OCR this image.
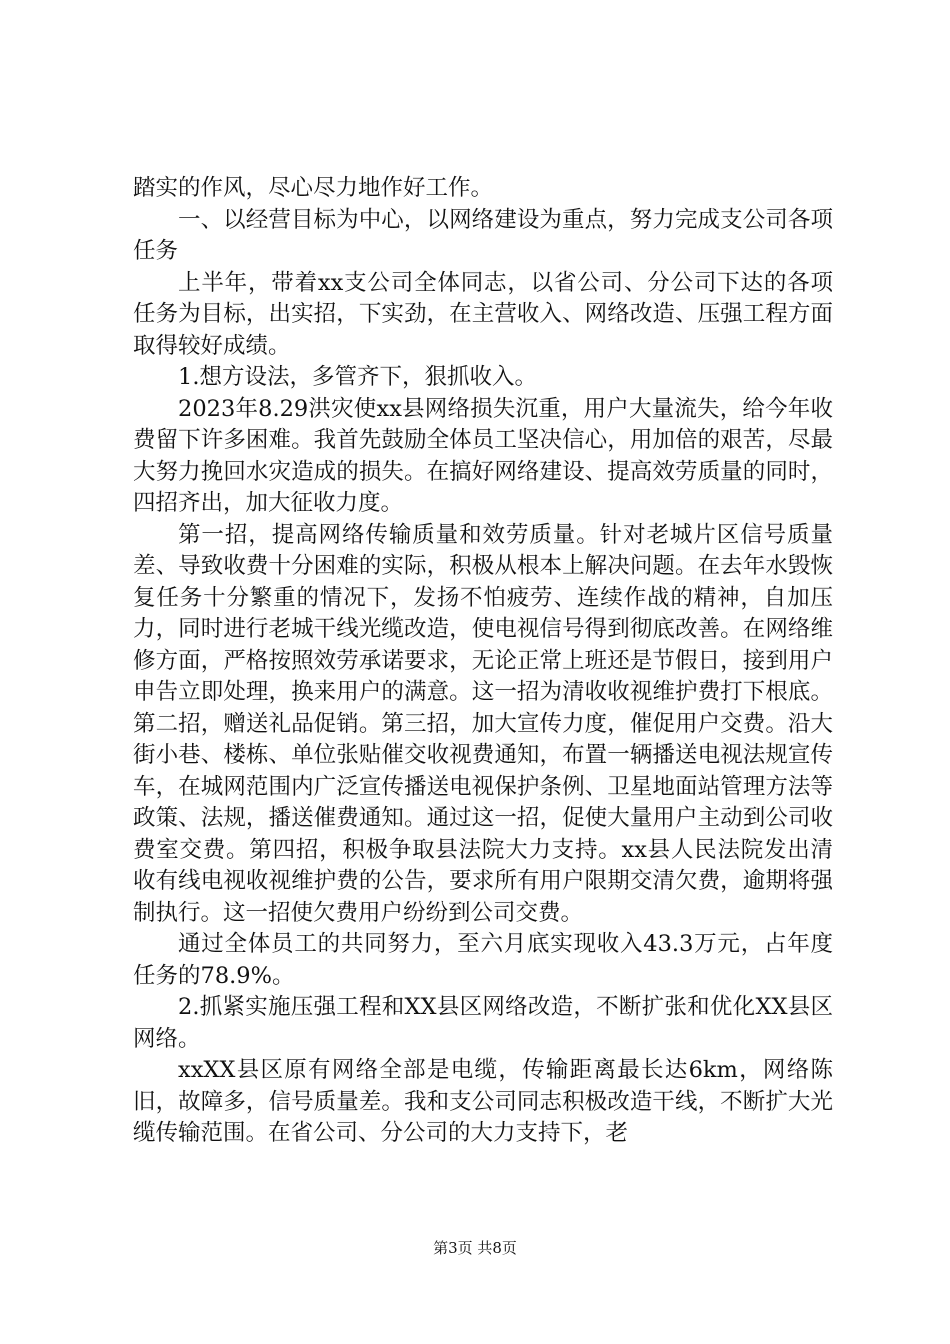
踏实的作风，尽心尽力地作好工作。

一、以经营目标为中心，以网络建设为重点，努力完成支公司各项任务

上半年，带着xx支公司全体同志，以省公司、分公司下达的各项任务为目标，出实招，下实劲，在主营收入、网络改造、压强工程方面取得较好成绩。

1.想方设法，多管齐下，狠抓收入。

2023年8.29洪灾使xx县网络损失沉重，用户大量流失，给今年收费留下许多困难。我首先鼓励全体员工坚决信心，用加倍的艰苦，尽最大努力挽回水灾造成的损失。在搞好网络建设、提高效劳质量的同时，四招齐出，加大征收力度。

第一招，提高网络传输质量和效劳质量。针对老城片区信号质量差、导致收费十分困难的实际，积极从根本上解决问题。在去年水毁恢复任务十分繁重的情况下，发扬不怕疲劳、连续作战的精神，自加压力，同时进行老城干线光缆改造，使电视信号得到彻底改善。在网络维修方面，严格按照效劳承诺要求，无论正常上班还是节假日，接到用户申告立即处理，换来用户的满意。这一招为清收收视维护费打下根底。第二招，赠送礼品促销。第三招，加大宣传力度，催促用户交费。沿大街小巷、楼栋、单位张贴催交收视费通知，布置一辆播送电视法规宣传车，在城网范围内广泛宣传播送电视保护条例、卫星地面站管理方法等政策、法规，播送催费通知。通过这一招，促使大量用户主动到公司收费室交费。第四招，积极争取县法院大力支持。xx县人民法院发出清收有线电视收视维护费的公告，要求所有用户限期交清欠费，逾期将强制执行。这一招使欠费用户纷纷到公司交费。

通过全体员工的共同努力，至六月底实现收入43.3万元，占年度任务的78.9%。

2.抓紧实施压强工程和XX县区网络改造，不断扩张和优化XX县区网络。

xxXX县区原有网络全部是电缆，传输距离最长达6km，网络陈旧，故障多，信号质量差。我和支公司同志积极改造干线，不断扩大光缆传输范围。在省公司、分公司的大力支持下，老

第3页 共8页
